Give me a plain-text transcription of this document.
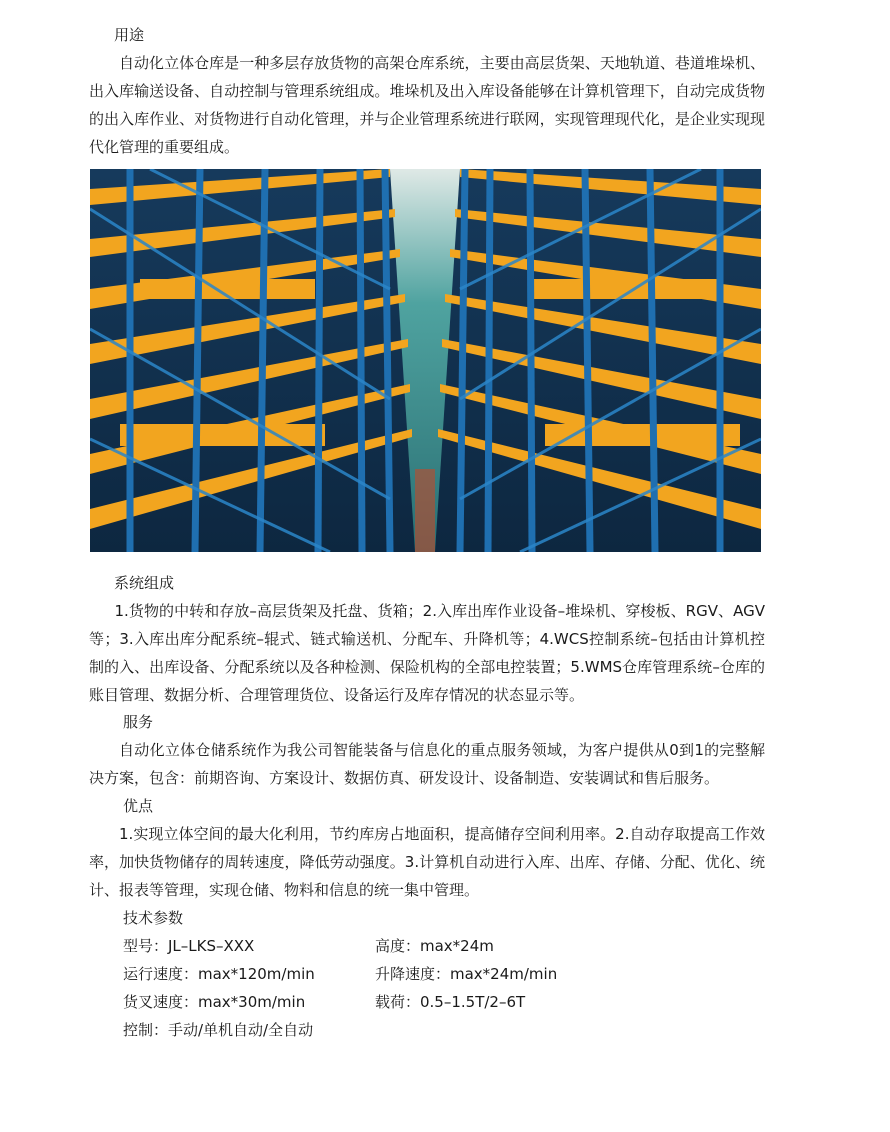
用途

自动化立体仓库是一种多层存放货物的高架仓库系统，主要由高层货架、天地轨道、巷道堆垛机、出入库输送设备、自动控制与管理系统组成。堆垛机及出入库设备能够在计算机管理下，自动完成货物的出入库作业、对货物进行自动化管理，并与企业管理系统进行联网，实现管理现代化，是企业实现现代化管理的重要组成。

系统组成

1.货物的中转和存放–高层货架及托盘、货箱；2.入库出库作业设备–堆垛机、穿梭板、RGV、AGV等；3.入库出库分配系统–辊式、链式输送机、分配车、升降机等；4.WCS控制系统–包括由计算机控制的入、出库设备、分配系统以及各种检测、保险机构的全部电控装置；5.WMS仓库管理系统–仓库的账目管理、数据分析、合理管理货位、设备运行及库存情况的状态显示等。

服务

自动化立体仓储系统作为我公司智能装备与信息化的重点服务领域，为客户提供从0到1的完整解决方案，包含：前期咨询、方案设计、数据仿真、研发设计、设备制造、安装调试和售后服务。

优点

1.实现立体空间的最大化利用，节约库房占地面积，提高储存空间利用率。2.自动存取提高工作效率，加快货物储存的周转速度，降低劳动强度。3.计算机自动进行入库、出库、存储、分配、优化、统计、报表等管理，实现仓储、物料和信息的统一集中管理。

技术参数
型号：JL–LKS–XXX	高度：max*24m
运行速度：max*120m/min	升降速度：max*24m/min
货叉速度：max*30m/min	载荷：0.5–1.5T/2–6T
控制：手动/单机自动/全自动
